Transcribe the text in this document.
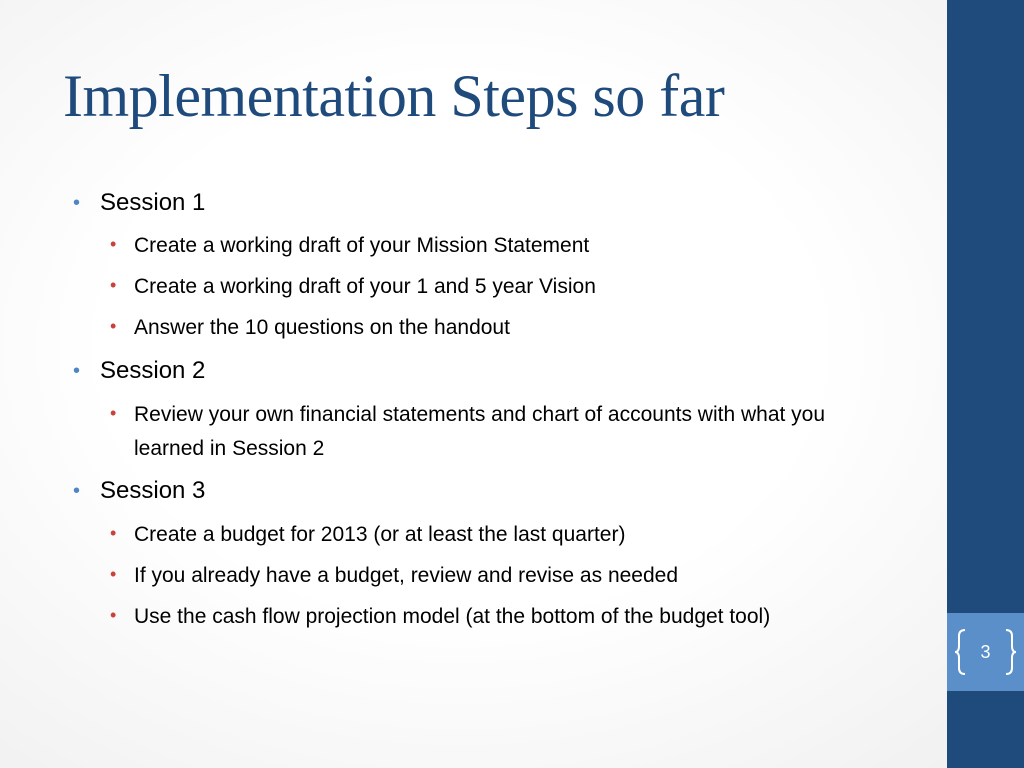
Implementation Steps so far
• Session 1
• Create a working draft of your Mission Statement
• Create a working draft of your 1 and 5 year Vision
• Answer the 10 questions on the handout
• Session 2
• Review your own financial statements and chart of accounts with what you learned in Session 2
• Session 3
• Create a budget for 2013 (or at least the last quarter)
• If you already have a budget, review and revise as needed
• Use the cash flow projection model (at the bottom of the budget tool)
3
